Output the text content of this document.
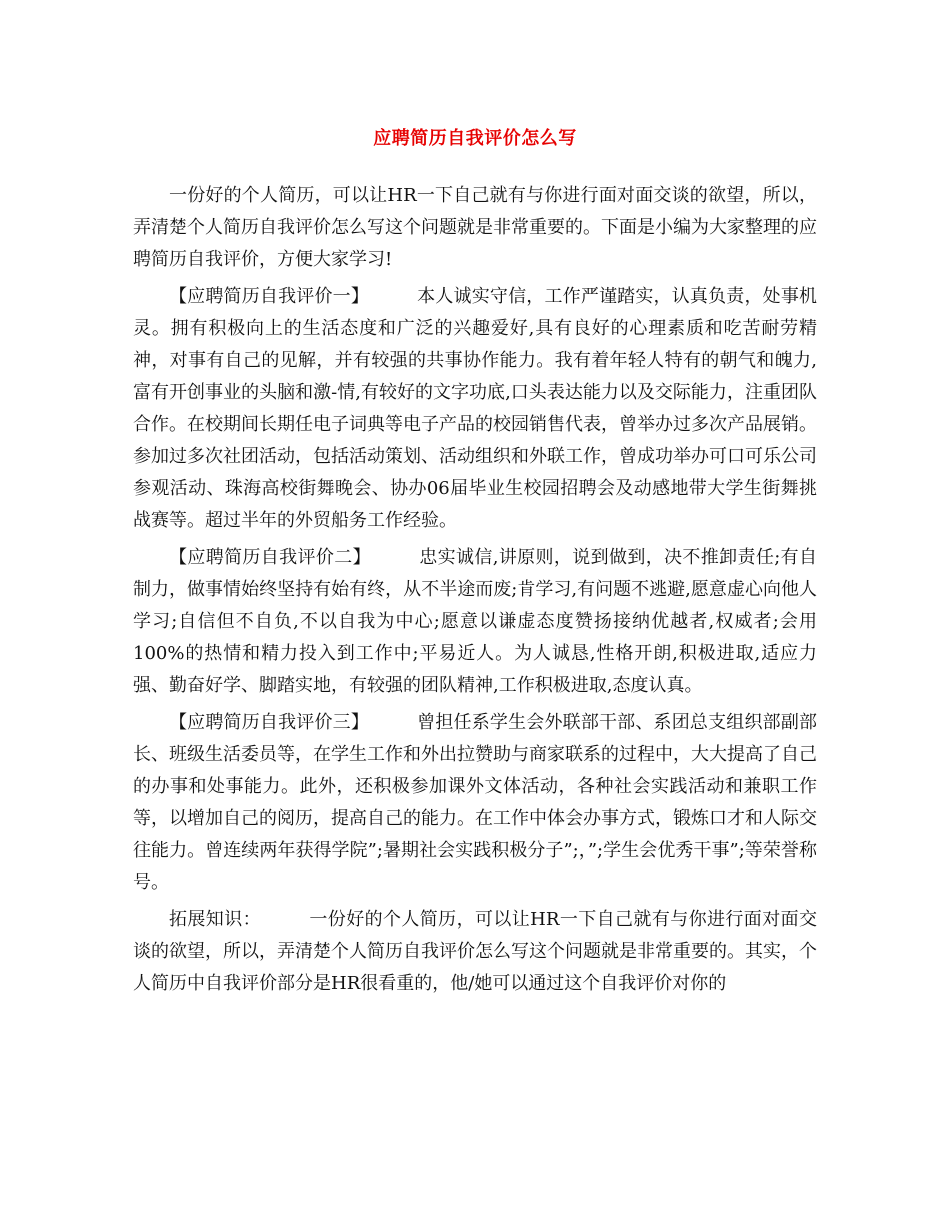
应聘简历自我评价怎么写

一份好的个人简历，可以让HR一下自己就有与你进行面对面交谈的欲望，所以，弄清楚个人简历自我评价怎么写这个问题就是非常重要的。下面是小编为大家整理的应聘简历自我评价，方便大家学习!

【应聘简历自我评价一】	本人诚实守信，工作严谨踏实，认真负责，处事机灵。拥有积极向上的生活态度和广泛的兴趣爱好,具有良好的心理素质和吃苦耐劳精神，对事有自己的见解，并有较强的共事协作能力。我有着年轻人特有的朝气和魄力,富有开创事业的头脑和激-情,有较好的文字功底,口头表达能力以及交际能力，注重团队合作。在校期间长期任电子词典等电子产品的校园销售代表，曾举办过多次产品展销。参加过多次社团活动，包括活动策划、活动组织和外联工作，曾成功举办可口可乐公司参观活动、珠海高校街舞晚会、协办06届毕业生校园招聘会及动感地带大学生街舞挑战赛等。超过半年的外贸船务工作经验。

【应聘简历自我评价二】	忠实诚信,讲原则，说到做到，决不推卸责任;有自制力，做事情始终坚持有始有终，从不半途而废;肯学习,有问题不逃避,愿意虚心向他人学习;自信但不自负,不以自我为中心;愿意以谦虚态度赞扬接纳优越者,权威者;会用100%的热情和精力投入到工作中;平易近人。为人诚恳,性格开朗,积极进取,适应力强、勤奋好学、脚踏实地，有较强的团队精神,工作积极进取,态度认真。

【应聘简历自我评价三】	曾担任系学生会外联部干部、系团总支组织部副部长、班级生活委员等，在学生工作和外出拉赞助与商家联系的过程中，大大提高了自己的办事和处事能力。此外，还积极参加课外文体活动，各种社会实践活动和兼职工作等，以增加自己的阅历，提高自己的能力。在工作中体会办事方式，锻炼口才和人际交往能力。曾连续两年获得学院”;暑期社会实践积极分子”;，”;学生会优秀干事”;等荣誉称号。

拓展知识：	一份好的个人简历，可以让HR一下自己就有与你进行面对面交谈的欲望，所以，弄清楚个人简历自我评价怎么写这个问题就是非常重要的。其实，个人简历中自我评价部分是HR很看重的，他/她可以通过这个自我评价对你的
